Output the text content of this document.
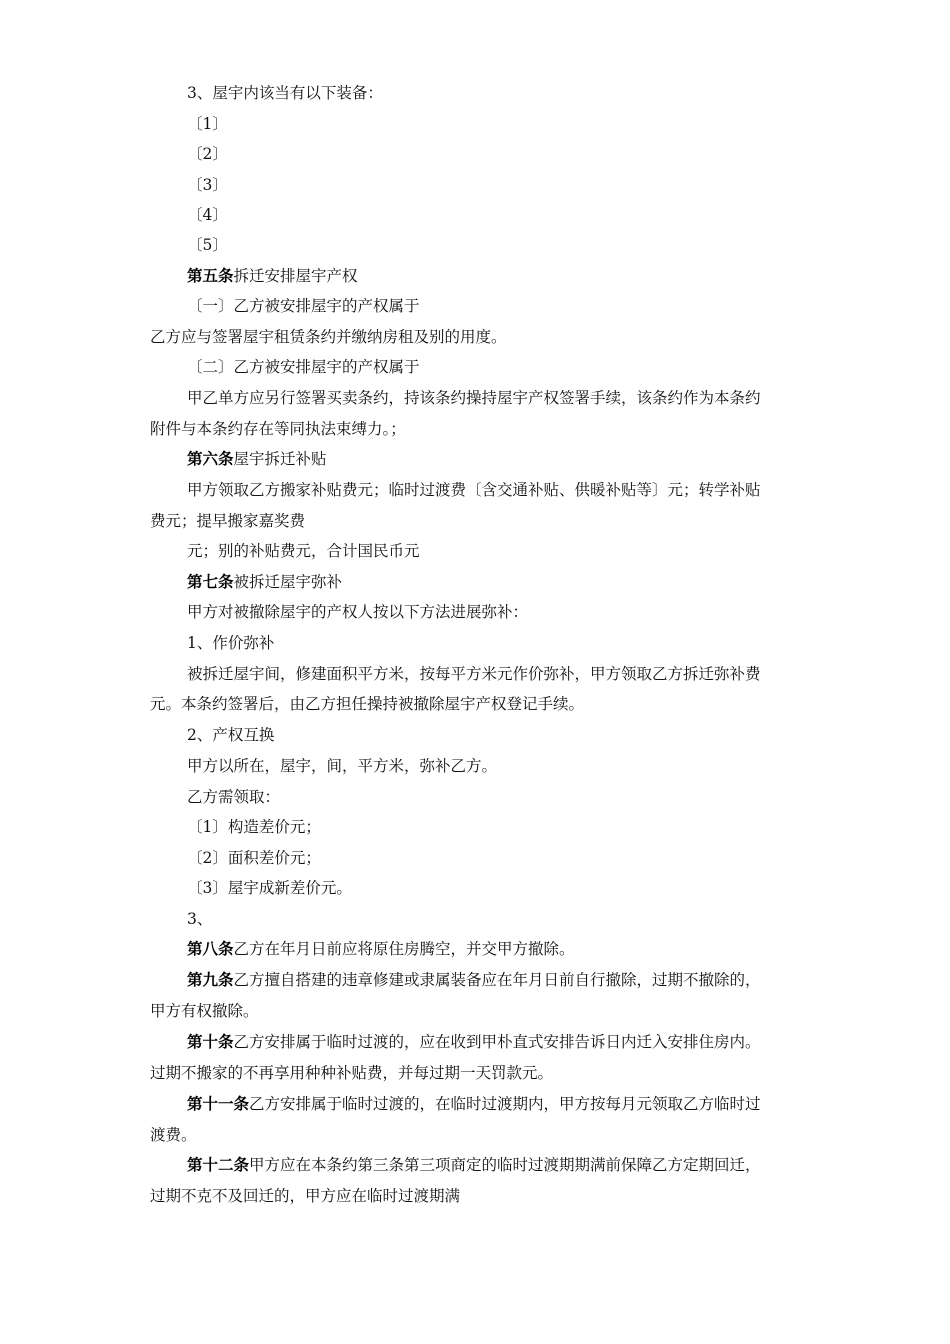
3、屋宇内该当有以下装备：
〔1〕
〔2〕
〔3〕
〔4〕
〔5〕
第五条拆迁安排屋宇产权
〔一〕乙方被安排屋宇的产权属于
乙方应与签署屋宇租赁条约并缴纳房租及别的用度。
〔二〕乙方被安排屋宇的产权属于
甲乙单方应另行签署买卖条约，持该条约操持屋宇产权签署手续，该条约作为本条约
附件与本条约存在等同执法束缚力。；
第六条屋宇拆迁补贴
甲方领取乙方搬家补贴费元；临时过渡费〔含交通补贴、供暖补贴等〕元；转学补贴
费元；提早搬家嘉奖费
元；别的补贴费元，合计国民币元
第七条被拆迁屋宇弥补
甲方对被撤除屋宇的产权人按以下方法进展弥补：
1、作价弥补
被拆迁屋宇间，修建面积平方米，按每平方米元作价弥补，甲方领取乙方拆迁弥补费
元。本条约签署后，由乙方担任操持被撤除屋宇产权登记手续。
2、产权互换
甲方以所在，屋宇，间，平方米，弥补乙方。
乙方需领取：
〔1〕构造差价元；
〔2〕面积差价元；
〔3〕屋宇成新差价元。
3、
第八条乙方在年月日前应将原住房腾空，并交甲方撤除。
第九条乙方擅自搭建的违章修建或隶属装备应在年月日前自行撤除，过期不撤除的，
甲方有权撤除。
第十条乙方安排属于临时过渡的，应在收到甲朴直式安排告诉日内迁入安排住房内。
过期不搬家的不再享用种种补贴费，并每过期一天罚款元。
第十一条乙方安排属于临时过渡的，在临时过渡期内，甲方按每月元领取乙方临时过
渡费。
第十二条甲方应在本条约第三条第三项商定的临时过渡期期满前保障乙方定期回迁，
过期不克不及回迁的，甲方应在临时过渡期满
